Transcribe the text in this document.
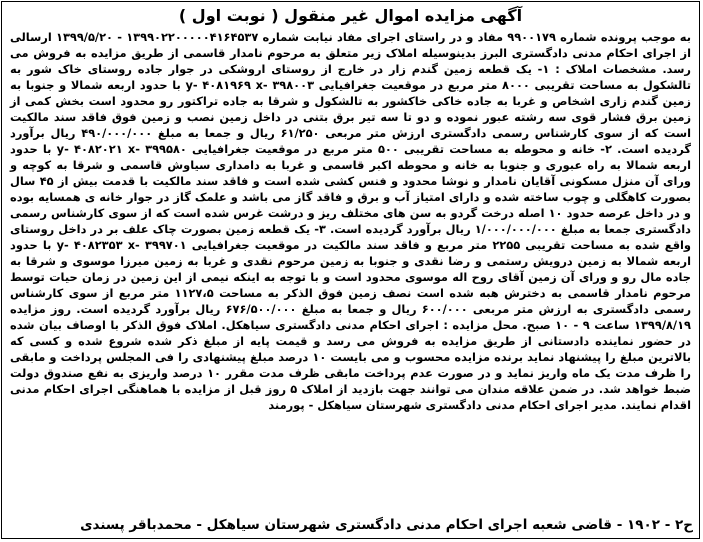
آگهی مزایده اموال غیر منقول ( نوبت اول )

به موجب پرونده شماره ۹۹۰۰۱۷۹ مفاد و در راستای اجرای مفاد نیابت شماره ۱۳۹۹۰۲۲۰۰۰۰۰۴۱۶۴۵۳۷ - ۱۳۹۹/۵/۲۰ ارسالی از اجرای احکام مدنی دادگستری البرز بدینوسیله املاک زیر متعلق به مرحوم نامدار قاسمی از طریق مزایده به فروش می رسد. مشخصات املاک : ۱- یک قطعه زمین گندم زار در خارج از روستای اروشکی در جوار جاده روستای خاک شور به تالشکول به مساحت تقریبی ۸۰۰۰ متر مربع در موقعیت جغرافیایی y- ۴۰۸۱۹۶۹ x- ۳۹۸۰۰۳ با حدود اربعه شمالا و جنوبا به زمین گندم زاری اشخاص و غربا به جاده خاکی خاکشور به تالشکول و شرقا به جاده تراکتور رو محدود است بخش کمی از زمین برق فشار قوی سه رشته عبور نموده و دو تا سه تیر برق بتنی در داخل زمین نصب و زمین فوق فاقد سند مالکیت است که از سوی کارشناس رسمی دادگستری ارزش متر مربعی ۶۱/۲۵۰ ریال و جمعا به مبلغ ۴۹۰/۰۰۰/۰۰۰ ریال برآورد گردیده است. ۲- خانه و محوطه به مساحت تقریبی ۵۰۰ متر مربع در موقعیت جغرافیایی y- ۴۰۸۲۰۲۱ x- ۳۹۹۵۸۰ با حدود اربعه شمالا به راه عبوری و جنوبا به خانه و محوطه اکبر قاسمی و غربا به دامداری سیاوش قاسمی و شرقا به کوچه و ورای آن منزل مسکونی آقایان نامدار و نوشا محدود و فنس کشی شده است و فاقد سند مالکیت با قدمت بیش از ۴۵ سال بصورت کاهگلی و چوب ساخته شده و دارای امتیاز آب و برق و فاقد گاز می باشد و علمک گاز در جوار خانه ی همسایه بوده و در داخل عرصه حدود ۱۰ اصله درخت گردو به سن های مختلف ریز و درشت غرس شده است که از سوی کارشناس رسمی دادگستری جمعا به مبلغ ۱/۰۰۰/۰۰۰/۰۰۰ ریال برآورد گردیده است. ۳- یک قطعه زمین بصورت چاک علف بر در داخل روستای واقع شده به مساحت تقریبی ۲۲۵۵ متر مربع و فاقد سند مالکیت در موقعیت جغرافیایی y- ۴۰۸۲۳۵۳ x- ۳۹۹۷۰۱ با حدود اربعه شمالا به زمین درویش رستمی و رضا نقدی و جنوبا به زمین مرحوم نقدی و غربا به زمین میرزا موسوی و شرقا به جاده مال رو و ورای آن زمین آقای روح اله موسوی محدود است و با توجه به اینکه نیمی از این زمین در زمان حیات توسط مرحوم نامدار قاسمی به دخترش هبه شده است نصف زمین فوق الذکر به مساحت ۱۱۲۷،۵ متر مربع از سوی کارشناس رسمی دادگستری به ارزش متر مربعی ۶۰۰/۰۰۰ ریال و جمعا به مبلغ ۶۷۶/۵۰۰/۰۰۰ ریال برآورد گردیده است. روز مزایده ۱۳۹۹/۸/۱۹ ساعت ۹ - ۱۰ صبح. محل مزایده : اجرای احکام مدنی دادگستری سیاهکل. املاک فوق الذکر با اوصاف بیان شده در حضور نماینده دادستانی از طریق مزایده به فروش می رسد و قیمت پایه از مبلغ ذکر شده شروع شده و کسی که بالاترین مبلغ را پیشنهاد نماید برنده مزایده محسوب و می بایست ۱۰ درصد مبلغ پیشنهادی را فی المجلس پرداخت و مابقی را ظرف مدت یک ماه واریز نماید و در صورت عدم پرداخت مابقی ظرف مدت مقرر ۱۰ درصد واریزی به نفع صندوق دولت ضبط خواهد شد. در ضمن علاقه مندان می توانند جهت بازدید از املاک ۵ روز قبل از مزایده با هماهنگی اجرای احکام مدنی اقدام نمایند. مدیر اجرای احکام مدنی دادگستری شهرستان سیاهکل - پورمند

ح۲ - ۱۹۰۲ - قاضی شعبه اجرای احکام مدنی دادگستری شهرستان سیاهکل - محمدباقر پسندی
